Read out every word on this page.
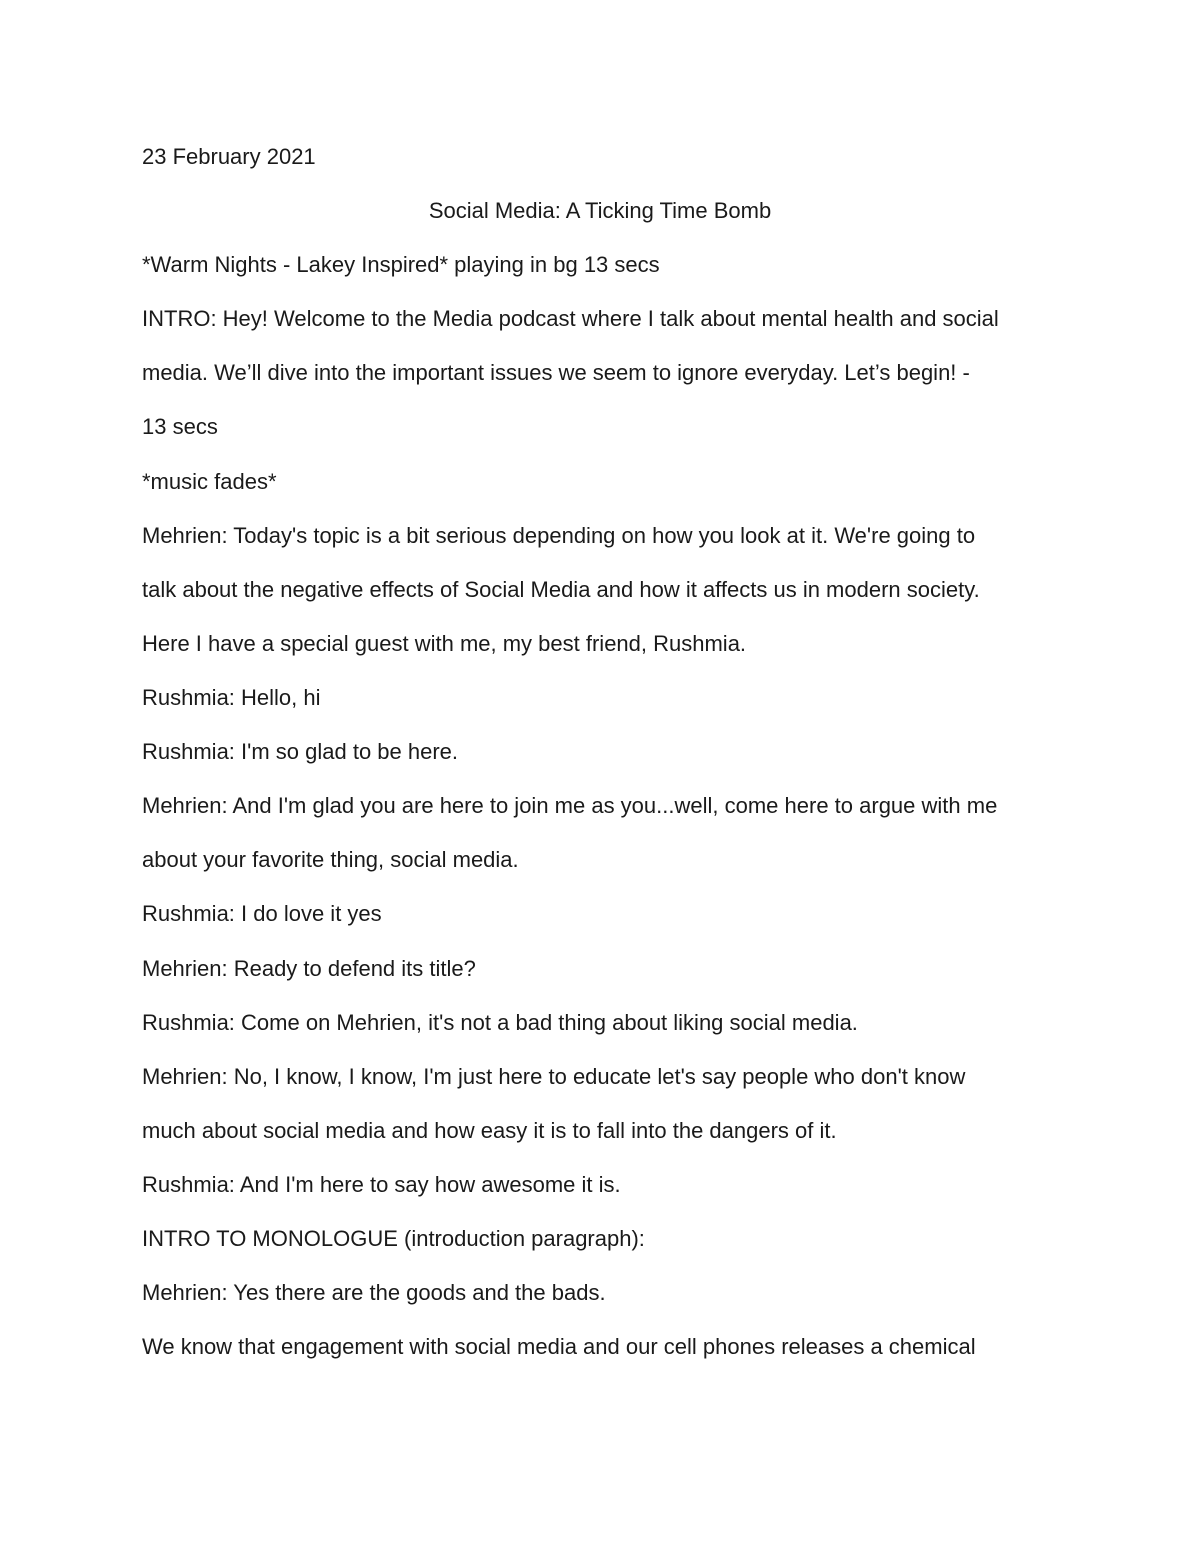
23 February 2021

Social Media: A Ticking Time Bomb

*Warm Nights - Lakey Inspired* playing in bg 13 secs

INTRO: Hey! Welcome to the Media podcast where I talk about mental health and social

media. We’ll dive into the important issues we seem to ignore everyday. Let’s begin! -

13 secs

*music fades*

Mehrien: Today's topic is a bit serious depending on how you look at it. We're going to

talk about the negative effects of Social Media and how it affects us in modern society.

Here I have a special guest with me, my best friend, Rushmia.

Rushmia: Hello, hi

Rushmia: I'm so glad to be here.

Mehrien: And I'm glad you are here to join me as you...well, come here to argue with me

about your favorite thing, social media.

Rushmia: I do love it yes

Mehrien: Ready to defend its title?

Rushmia: Come on Mehrien, it's not a bad thing about liking social media.

Mehrien: No, I know, I know, I'm just here to educate let's say people who don't know

much about social media and how easy it is to fall into the dangers of it.

Rushmia: And I'm here to say how awesome it is.

INTRO TO MONOLOGUE (introduction paragraph):

Mehrien: Yes there are the goods and the bads.

We know that engagement with social media and our cell phones releases a chemical
